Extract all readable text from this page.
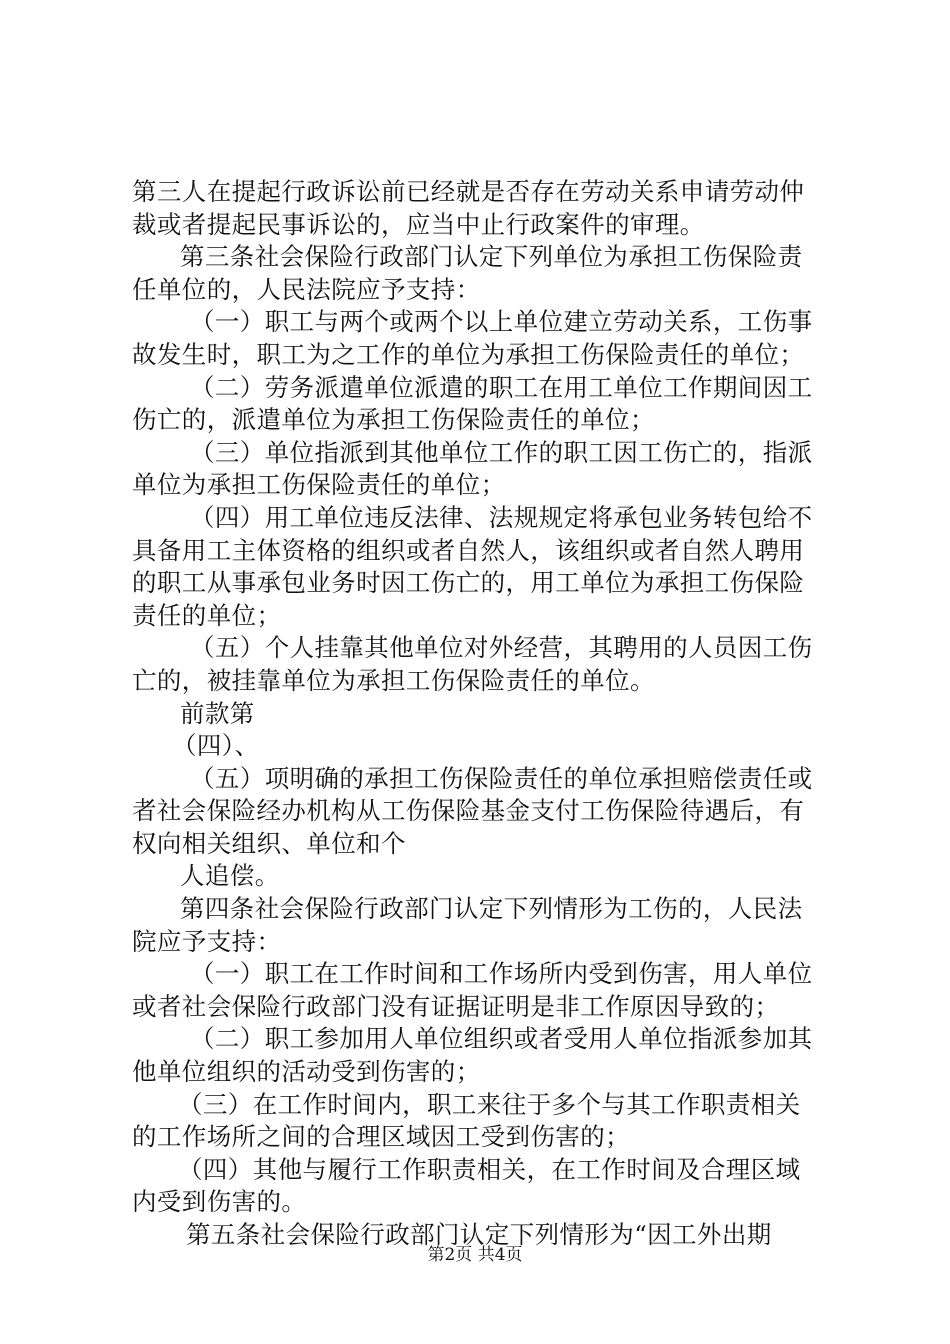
第三人在提起行政诉讼前已经就是否存在劳动关系申请劳动仲
裁或者提起民事诉讼的，应当中止行政案件的审理。
第三条社会保险行政部门认定下列单位为承担工伤保险责
任单位的，人民法院应予支持：
（一）职工与两个或两个以上单位建立劳动关系，工伤事
故发生时，职工为之工作的单位为承担工伤保险责任的单位；
（二）劳务派遣单位派遣的职工在用工单位工作期间因工
伤亡的，派遣单位为承担工伤保险责任的单位；
（三）单位指派到其他单位工作的职工因工伤亡的，指派
单位为承担工伤保险责任的单位；
（四）用工单位违反法律、法规规定将承包业务转包给不
具备用工主体资格的组织或者自然人，该组织或者自然人聘用
的职工从事承包业务时因工伤亡的，用工单位为承担工伤保险
责任的单位；
（五）个人挂靠其他单位对外经营，其聘用的人员因工伤
亡的，被挂靠单位为承担工伤保险责任的单位。
前款第
（四）、
（五）项明确的承担工伤保险责任的单位承担赔偿责任或
者社会保险经办机构从工伤保险基金支付工伤保险待遇后，有
权向相关组织、单位和个
人追偿。
第四条社会保险行政部门认定下列情形为工伤的，人民法
院应予支持：
（一）职工在工作时间和工作场所内受到伤害，用人单位
或者社会保险行政部门没有证据证明是非工作原因导致的；
（二）职工参加用人单位组织或者受用人单位指派参加其
他单位组织的活动受到伤害的；
（三）在工作时间内，职工来往于多个与其工作职责相关
的工作场所之间的合理区域因工受到伤害的；
（四）其他与履行工作职责相关，在工作时间及合理区域
内受到伤害的。
第五条社会保险行政部门认定下列情形为“因工外出期
第2页 共4页
